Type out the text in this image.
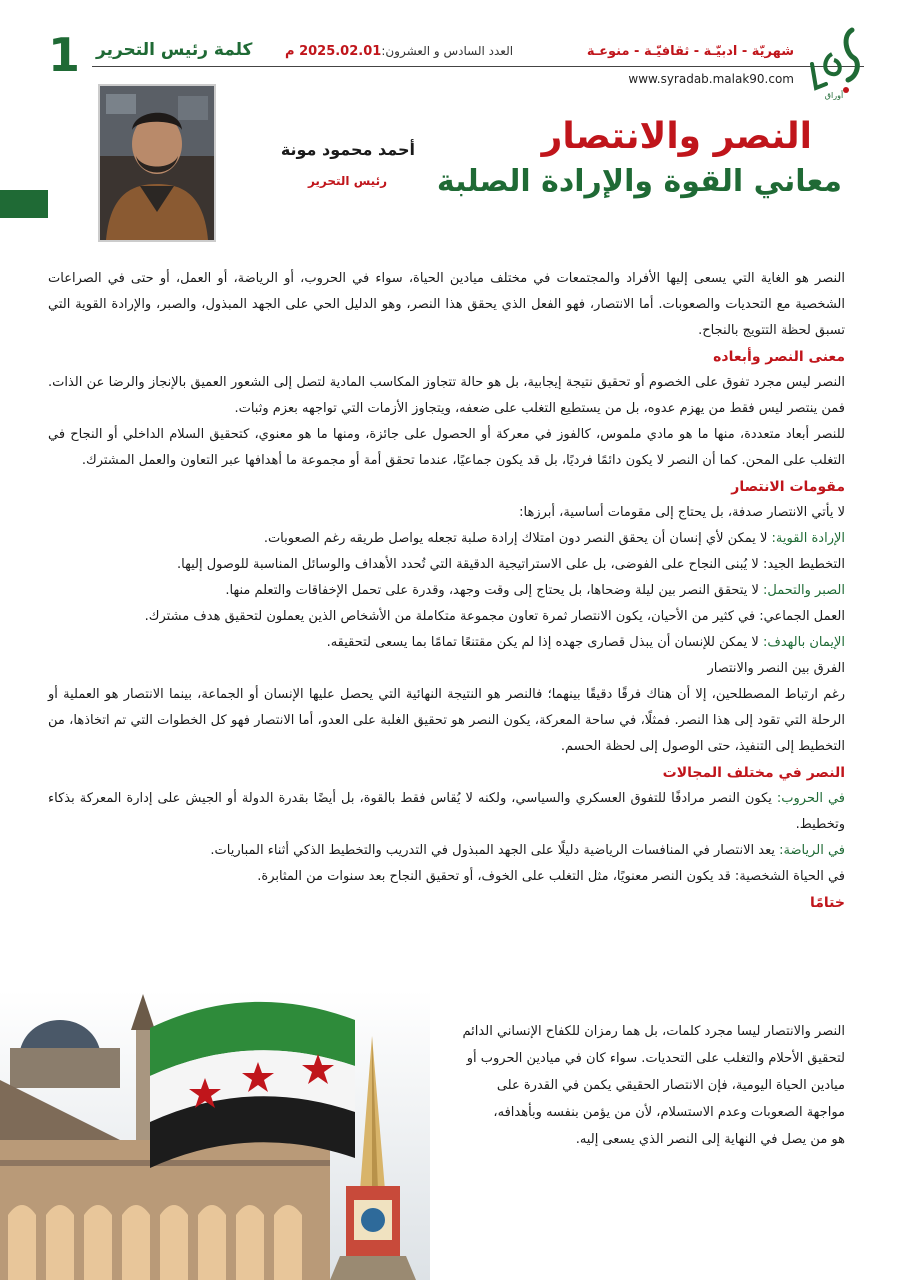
1 كلمة رئيس التحرير	العدد السادس و العشرون:2025.02.01 م	شهريّة - ادبيّـة - ثقافيّـة - منوعـة
www.syradab.malak90.com
أوراق
النصر والانتصار
معاني القوة والإرادة الصلبة
أحمد محمود مونة
رئيس التحرير

النصر هو الغاية التي يسعى إليها الأفراد والمجتمعات في مختلف ميادين الحياة، سواء في الحروب، أو الرياضة، أو العمل، أو حتى في الصراعات الشخصية مع التحديات والصعوبات. أما الانتصار، فهو الفعل الذي يحقق هذا النصر، وهو الدليل الحي على الجهد المبذول، والصبر، والإرادة القوية التي تسبق لحظة التتويج بالنجاح.

معنى النصر وأبعاده

النصر ليس مجرد تفوق على الخصوم أو تحقيق نتيجة إيجابية، بل هو حالة تتجاوز المكاسب المادية لتصل إلى الشعور العميق بالإنجاز والرضا عن الذات. فمن ينتصر ليس فقط من يهزم عدوه، بل من يستطيع التغلب على ضعفه، ويتجاوز الأزمات التي تواجهه بعزم وثبات.

للنصر أبعاد متعددة، منها ما هو مادي ملموس، كالفوز في معركة أو الحصول على جائزة، ومنها ما هو معنوي، كتحقيق السلام الداخلي أو النجاح في التغلب على المحن. كما أن النصر لا يكون دائمًا فرديًا، بل قد يكون جماعيًا، عندما تحقق أمة أو مجموعة ما أهدافها عبر التعاون والعمل المشترك.

مقومات الانتصار

لا يأتي الانتصار صدفة، بل يحتاج إلى مقومات أساسية، أبرزها:

الإرادة القوية: لا يمكن لأي إنسان أن يحقق النصر دون امتلاك إرادة صلبة تجعله يواصل طريقه رغم الصعوبات.

التخطيط الجيد: لا يُبنى النجاح على الفوضى، بل على الاستراتيجية الدقيقة التي تُحدد الأهداف والوسائل المناسبة للوصول إليها.

الصبر والتحمل: لا يتحقق النصر بين ليلة وضحاها، بل يحتاج إلى وقت وجهد، وقدرة على تحمل الإخفاقات والتعلم منها.

العمل الجماعي: في كثير من الأحيان، يكون الانتصار ثمرة تعاون مجموعة متكاملة من الأشخاص الذين يعملون لتحقيق هدف مشترك.

الإيمان بالهدف: لا يمكن للإنسان أن يبذل قصارى جهده إذا لم يكن مقتنعًا تمامًا بما يسعى لتحقيقه.

الفرق بين النصر والانتصار

رغم ارتباط المصطلحين، إلا أن هناك فرقًا دقيقًا بينهما؛ فالنصر هو النتيجة النهائية التي يحصل عليها الإنسان أو الجماعة، بينما الانتصار هو العملية أو الرحلة التي تقود إلى هذا النصر. فمثلًا، في ساحة المعركة، يكون النصر هو تحقيق الغلبة على العدو، أما الانتصار فهو كل الخطوات التي تم اتخاذها، من التخطيط إلى التنفيذ، حتى الوصول إلى لحظة الحسم.

النصر في مختلف المجالات

في الحروب: يكون النصر مرادفًا للتفوق العسكري والسياسي، ولكنه لا يُقاس فقط بالقوة، بل أيضًا بقدرة الدولة أو الجيش على إدارة المعركة بذكاء وتخطيط.

في الرياضة: يعد الانتصار في المنافسات الرياضية دليلًا على الجهد المبذول في التدريب والتخطيط الذكي أثناء المباريات.

في الحياة الشخصية: قد يكون النصر معنويًا، مثل التغلب على الخوف، أو تحقيق النجاح بعد سنوات من المثابرة.

ختامًا

النصر والانتصار ليسا مجرد كلمات، بل هما رمزان للكفاح الإنساني الدائم

لتحقيق الأحلام والتغلب على التحديات. سواء كان في ميادين الحروب أو

ميادين الحياة اليومية، فإن الانتصار الحقيقي يكمن في القدرة على

مواجهة الصعوبات وعدم الاستسلام، لأن من يؤمن بنفسه وبأهدافه،

هو من يصل في النهاية إلى النصر الذي يسعى إليه.
